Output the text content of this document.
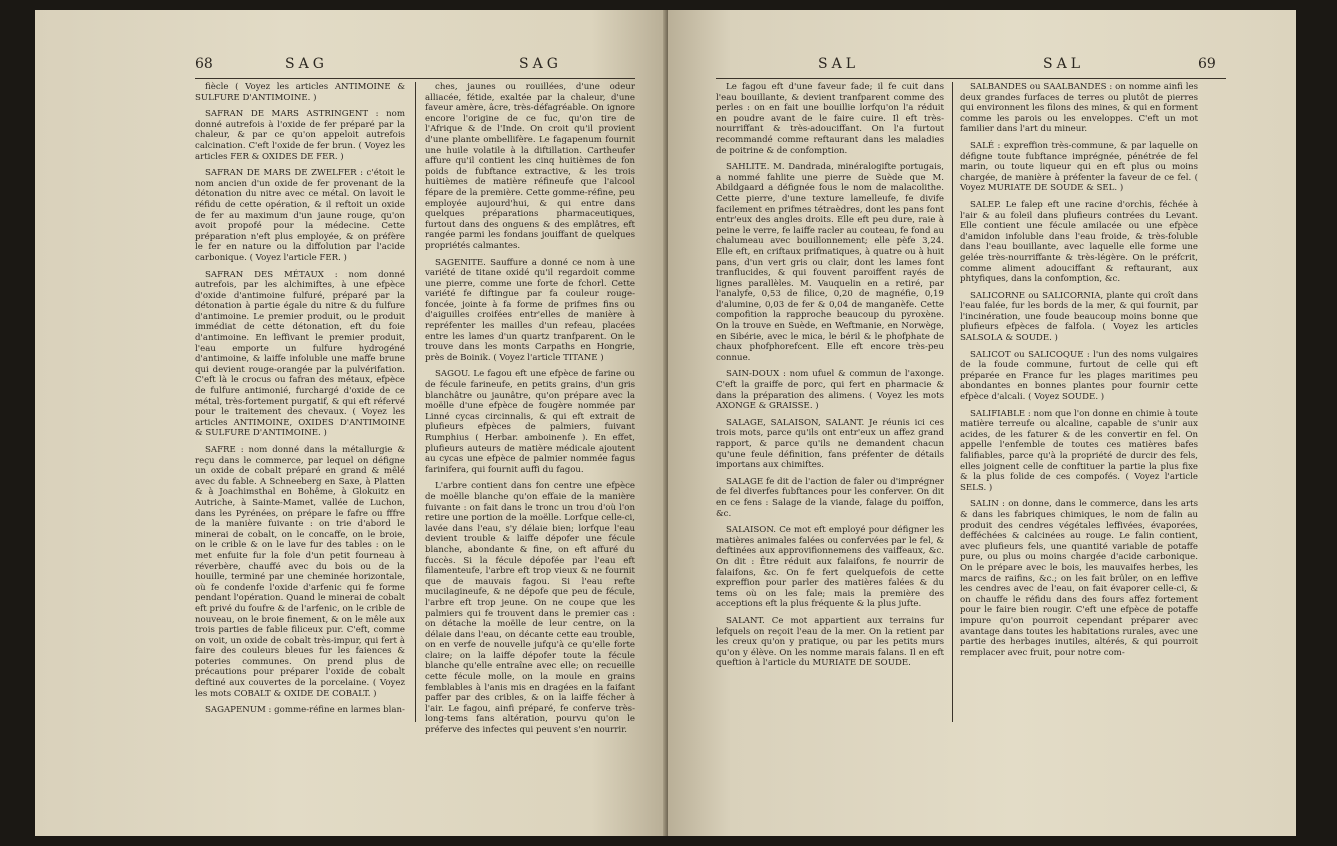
68	SAG	SAG

fiècle ( Voyez les articles ANTIMOINE & SULFURE D'ANTIMOINE. )

SAFRAN DE MARS ASTRINGENT : nom donné autrefois à l'oxide de fer préparé par la chaleur, & par ce qu'on appeloit autrefois calcination. C'eft l'oxide de fer brun. ( Voyez les articles FER & OXIDES DE FER. )

SAFRAN DE MARS DE ZWELFER : c'étoit le nom ancien d'un oxide de fer provenant de la détonation du nitre avec ce métal. On lavoit le réfidu de cette opération, & il reftoit un oxide de fer au maximum d'un jaune rouge, qu'on avoit propofé pour la médecine. Cette préparation n'eft plus employée, & on préfère le fer en nature ou la diffolution par l'acide carbonique. ( Voyez l'article FER. )

SAFRAN DES MÉTAUX : nom donné autrefois, par les alchimiftes, à une efpèce d'oxide d'antimoine fulfuré, préparé par la détonation à partie égale du nitre & du fulfure d'antimoine. Le premier produit, ou le produit immédiat de cette détonation, eft du foie d'antimoine. En leffivant le premier produit, l'eau emporte un fulfure hydrogéné d'antimoine, & laiffe infoluble une maffe brune qui devient rouge-orangée par la pulvérifation. C'eft là le crocus ou fafran des métaux, efpèce de fulfure antimonié, furchargé d'oxide de ce métal, très-fortement purgatif, & qui eft réfervé pour le traitement des chevaux. ( Voyez les articles ANTIMOINE, OXIDES D'ANTIMOINE & SULFURE D'ANTIMOINE. )

SAFRE : nom donné dans la métallurgie & reçu dans le commerce, par lequel on défigne un oxide de cobalt préparé en grand & mêlé avec du fable. A Schneeberg en Saxe, à Platten & à Joachimsthal en Bohême, à Glokuitz en Autriche, à Sainte-Mamet, vallée de Luchon, dans les Pyrénées, on prépare le fafre ou fffre de la manière fuivante : on trie d'abord le minerai de cobalt, on le concaffe, on le broie, on le crible & on le lave fur des tables : on le met enfuite fur la fole d'un petit fourneau à réverbère, chauffé avec du bois ou de la houille, terminé par une cheminée horizontale, où fe condenfe l'oxide d'arfenic qui fe forme pendant l'opération. Quand le minerai de cobalt eft privé du foufre & de l'arfenic, on le crible de nouveau, on le broie finement, & on le mêle aux trois parties de fable filiceux pur. C'eft, comme on voit, un oxide de cobalt très-impur, qui fert à faire des couleurs bleues fur les faiences & poteries communes. On prend plus de précautions pour préparer l'oxide de cobalt deftiné aux couvertes de la porcelaine. ( Voyez les mots COBALT & OXIDE DE COBALT. )

SAGAPENUM : gomme-réfine en larmes blan-

ches, jaunes ou rouillées, d'une odeur alliacée, fétide, exaltée par la chaleur, d'une faveur amère, âcre, très-défagréable. On ignore encore l'origine de ce fuc, qu'on tire de l'Afrique & de l'Inde. On croit qu'il provient d'une plante ombellifère. Le fagapenum fournit une huile volatile à la diftillation. Cartheufer affure qu'il contient les cinq huitièmes de fon poids de fubftance extractive, & les trois huitièmes de matière réfineufe que l'alcool fépare de la première. Cette gomme-réfine, peu employée aujourd'hui, & qui entre dans quelques préparations pharmaceutiques, furtout dans des onguens & des emplâtres, eft rangée parmi les fondans jouiffant de quelques propriétés calmantes.

SAGENITE. Sauffure a donné ce nom à une variété de titane oxidé qu'il regardoit comme une pierre, comme une forte de fchorl. Cette variété fe diftingue par fa couleur rouge-foncée, jointe à fa forme de prifmes fins ou d'aiguilles croifées entr'elles de manière à repréfenter les mailles d'un refeau, placées entre les lames d'un quartz tranfparent. On le trouve dans les monts Carpaths en Hongrie, près de Boinik. ( Voyez l'article TITANE )

SAGOU. Le fagou eft une efpèce de farine ou de fécule farineufe, en petits grains, d'un gris blanchâtre ou jaunâtre, qu'on prépare avec la moëlle d'une efpèce de fougère nommée par Linné cycas circinnalis, & qui eft extrait de plufieurs efpèces de palmiers, fuivant Rumphius ( Herbar. amboinenfe ). En effet, plufieurs auteurs de matière médicale ajoutent au cycas une efpèce de palmier nommée fagus farinifera, qui fournit auffi du fagou.

L'arbre contient dans fon centre une efpèce de moëlle blanche qu'on effaie de la manière fuivante : on fait dans le tronc un trou d'où l'on retire une portion de la moëlle. Lorfque celle-ci, lavée dans l'eau, s'y délaie bien; lorfque l'eau devient trouble & laiffe dépofer une fécule blanche, abondante & fine, on eft affuré du fuccès. Si la fécule dépofée par l'eau eft filamenteufe, l'arbre eft trop vieux & ne fournit que de mauvais fagou. Si l'eau refte mucilagineufe, & ne dépofe que peu de fécule, l'arbre eft trop jeune. On ne coupe que les palmiers qui fe trouvent dans le premier cas : on détache la moëlle de leur centre, on la délaie dans l'eau, on décante cette eau trouble, on en verfe de nouvelle jufqu'à ce qu'elle forte claire; on la laiffe dépofer toute la fécule blanche qu'elle entraîne avec elle; on recueille cette fécule molle, on la moule en grains femblables à l'anis mis en dragées en la faifant paffer par des cribles, & on la laiffe fécher à l'air. Le fagou, ainfi préparé, fe conferve très-long-tems fans altération, pourvu qu'on le préferve des infectes qui peuvent s'en nourrir.

SAL	SAL	69

Le fagou eft d'une faveur fade; il fe cuit dans l'eau bouillante, & devient tranfparent comme des perles : on en fait une bouillie lorfqu'on l'a réduit en poudre avant de le faire cuire. Il eft très-nourriffant & très-adouciffant. On l'a furtout recommandé comme reftaurant dans les maladies de poitrine & de confomption.

SAHLITE. M. Dandrada, minéralogifte portugais, a nommé fahlite une pierre de Suède que M. Abildgaard a défignée fous le nom de malacolithe. Cette pierre, d'une texture lamelleufe, fe divife facilement en prifmes tétraèdres, dont les pans font entr'eux des angles droits. Elle eft peu dure, raie à peine le verre, fe laiffe racler au couteau, fe fond au chalumeau avec bouillonnement; elle pèfe 3,24. Elle eft, en criftaux prifmatiques, à quatre ou à huit pans, d'un vert gris ou clair, dont les lames font tranflucides, & qui fouvent paroiffent rayés de lignes parallèles. M. Vauquelin en a retiré, par l'analyfe, 0,53 de filice, 0,20 de magnéfie, 0,19 d'alumine, 0,03 de fer & 0,04 de manganèfe. Cette compofition la rapproche beaucoup du pyroxène. On la trouve en Suède, en Weftmanie, en Norwège, en Sibérie, avec le mica, le béril & le phofphate de chaux phofphorefcent. Elle eft encore très-peu connue.

SAIN-DOUX : nom ufuel & commun de l'axonge. C'eft la graiffe de porc, qui fert en pharmacie & dans la préparation des alimens. ( Voyez les mots AXONGE & GRAISSE. )

SALAGE, SALAISON, SALANT. Je réunis ici ces trois mots, parce qu'ils ont entr'eux un affez grand rapport, & parce qu'ils ne demandent chacun qu'une feule définition, fans préfenter de détails importans aux chimiftes.

SALAGE fe dit de l'action de faler ou d'imprégner de fel diverfes fubftances pour les conferver. On dit en ce fens : Salage de la viande, falage du poiffon, &c.

SALAISON. Ce mot eft employé pour défigner les matières animales falées ou confervées par le fel, & deftinées aux approvifionnemens des vaiffeaux, &c. On dit : Être réduit aux falaifons, fe nourrir de falaifons, &c. On fe fert quelquefois de cette expreffion pour parler des matières falées & du tems où on les fale; mais la première des acceptions eft la plus fréquente & la plus jufte.

SALANT. Ce mot appartient aux terrains fur lefquels on reçoit l'eau de la mer. On la retient par les creux qu'on y pratique, ou par les petits murs qu'on y élève. On les nomme marais falans. Il en eft queftion à l'article du MURIATE DE SOUDE.

SALBANDES ou SAALBANDES : on nomme ainfi les deux grandes furfaces de terres ou plutôt de pierres qui environnent les filons des mines, & qui en forment comme les parois ou les enveloppes. C'eft un mot familier dans l'art du mineur.

SALÉ : expreffion très-commune, & par laquelle on défigne toute fubftance imprégnée, pénétrée de fel marin, ou toute liqueur qui en eft plus ou moins chargée, de manière à préfenter la faveur de ce fel. ( Voyez MURIATE DE SOUDE & SEL. )

SALEP. Le falep eft une racine d'orchis, féchée à l'air & au foleil dans plufieurs contrées du Levant. Elle contient une fécule amilacée ou une efpèce d'amidon infoluble dans l'eau froide, & très-foluble dans l'eau bouillante, avec laquelle elle forme une gelée très-nourriffante & très-légère. On le préfcrit, comme aliment adouciffant & reftaurant, aux phtyfiques, dans la confomption, &c.

SALICORNE ou SALICORNIA, plante qui croît dans l'eau falée, fur les bords de la mer, & qui fournit, par l'incinération, une foude beaucoup moins bonne que plufieurs efpèces de falfola. ( Voyez les articles SALSOLA & SOUDE. )

SALICOT ou SALICOQUE : l'un des noms vulgaires de la foude commune, furtout de celle qui eft préparée en France fur les plages maritimes peu abondantes en bonnes plantes pour fournir cette efpèce d'alcali. ( Voyez SOUDE. )

SALIFIABLE : nom que l'on donne en chimie à toute matière terreufe ou alcaline, capable de s'unir aux acides, de les faturer & de les convertir en fel. On appelle l'enfemble de toutes ces matières bafes falifiables, parce qu'à la propriété de durcir des fels, elles joignent celle de conftituer la partie la plus fixe & la plus folide de ces compofés. ( Voyez l'article SELS. )

SALIN : on donne, dans le commerce, dans les arts & dans les fabriques chimiques, le nom de falin au produit des cendres végétales leffivées, évaporées, defféchées & calcinées au rouge. Le falin contient, avec plufieurs fels, une quantité variable de potaffe pure, ou plus ou moins chargée d'acide carbonique. On le prépare avec le bois, les mauvaifes herbes, les marcs de raifins, &c.; on les fait brûler, on en leffive les cendres avec de l'eau, on fait évaporer celle-ci, & on chauffe le réfidu dans des fours affez fortement pour le faire bien rougir. C'eft une efpèce de potaffe impure qu'on pourroit cependant préparer avec avantage dans toutes les habitations rurales, avec une partie des herbages inutiles, altérés, & qui pourroit remplacer avec fruit, pour notre com-
